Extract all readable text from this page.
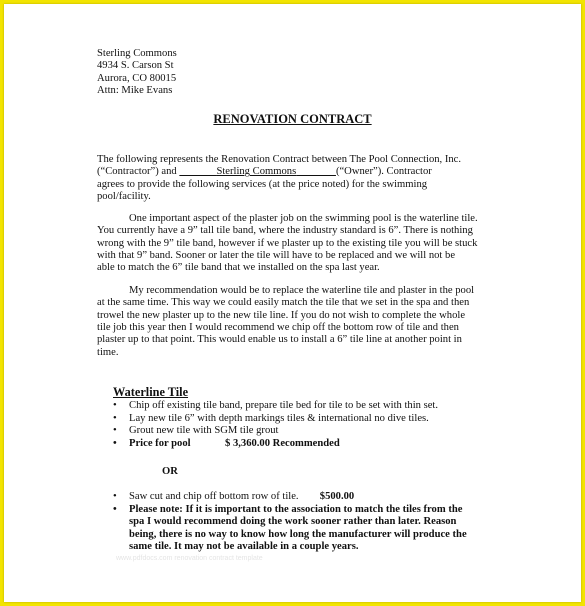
Sterling Commons
4934 S. Carson St
Aurora, CO 80015
Attn: Mike Evans
RENOVATION CONTRACT
The following represents the Renovation Contract between The Pool Connection, Inc.
(“Contractor”) and	Sterling Commons	(“Owner”). Contractor
agrees to provide the following services (at the price noted) for the swimming
pool/facility.
One important aspect of the plaster job on the swimming pool is the waterline tile.
You currently have a 9” tall tile band, where the industry standard is 6”. There is nothing
wrong with the 9” tile band, however if we plaster up to the existing tile you will be stuck
with that 9” band. Sooner or later the tile will have to be replaced and we will not be
able to match the 6” tile band that we installed on the spa last year.
My recommendation would be to replace the waterline tile and plaster in the pool
at the same time. This way we could easily match the tile that we set in the spa and then
trowel the new plaster up to the new tile line. If you do not wish to complete the whole
tile job this year then I would recommend we chip off the bottom row of tile and then
plaster up to that point. This would enable us to install a 6” tile line at another point in
time.
Waterline Tile
• Chip off existing tile band, prepare tile bed for tile to be set with thin set.
• Lay new tile 6” with depth markings tiles & international no dive tiles.
• Grout new tile with SGM tile grout
• Price for pool	$ 3,360.00 Recommended
OR
• Saw cut and chip off bottom row of tile. $500.00
• Please note: If it is important to the association to match the tiles from the
spa I would recommend doing the work sooner rather than later. Reason
being, there is no way to know how long the manufacturer will produce the
same tile. It may not be available in a couple years.
www.pdfdocs.com renovation contract template
